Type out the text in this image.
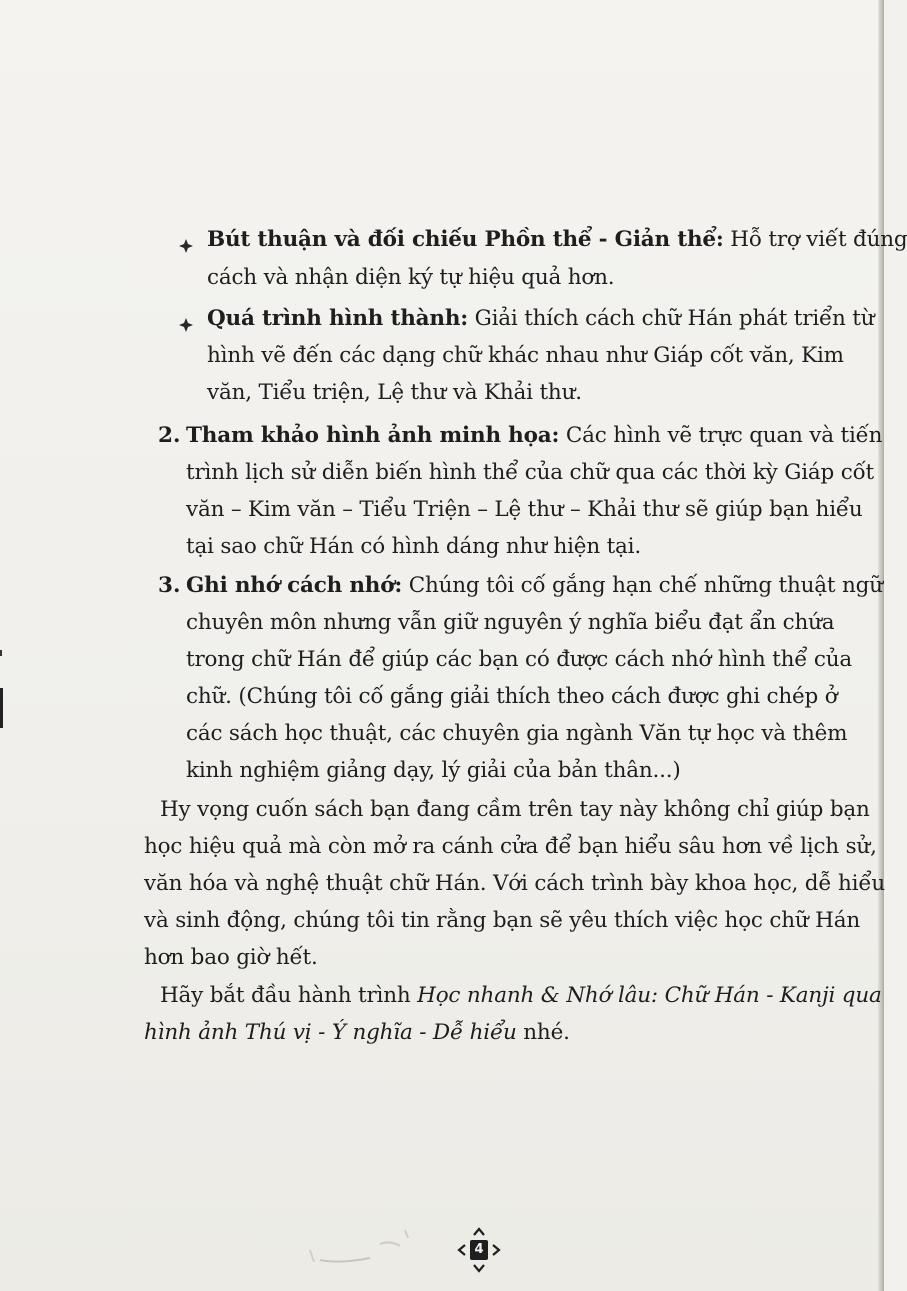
Bút thuận và đối chiếu Phồn thể - Giản thể: Hỗ trợ viết đúng
cách và nhận diện ký tự hiệu quả hơn.
Quá trình hình thành: Giải thích cách chữ Hán phát triển từ
hình vẽ đến các dạng chữ khác nhau như Giáp cốt văn, Kim
văn, Tiểu triện, Lệ thư và Khải thư.
2. Tham khảo hình ảnh minh họa: Các hình vẽ trực quan và tiến
trình lịch sử diễn biến hình thể của chữ qua các thời kỳ Giáp cốt
văn – Kim văn – Tiểu Triện – Lệ thư – Khải thư sẽ giúp bạn hiểu
tại sao chữ Hán có hình dáng như hiện tại.
3. Ghi nhớ cách nhớ: Chúng tôi cố gắng hạn chế những thuật ngữ
chuyên môn nhưng vẫn giữ nguyên ý nghĩa biểu đạt ẩn chứa
trong chữ Hán để giúp các bạn có được cách nhớ hình thể của
chữ. (Chúng tôi cố gắng giải thích theo cách được ghi chép ở
các sách học thuật, các chuyên gia ngành Văn tự học và thêm
kinh nghiệm giảng dạy, lý giải của bản thân...)
Hy vọng cuốn sách bạn đang cầm trên tay này không chỉ giúp bạn
học hiệu quả mà còn mở ra cánh cửa để bạn hiểu sâu hơn về lịch sử,
văn hóa và nghệ thuật chữ Hán. Với cách trình bày khoa học, dễ hiểu
và sinh động, chúng tôi tin rằng bạn sẽ yêu thích việc học chữ Hán
hơn bao giờ hết.
Hãy bắt đầu hành trình Học nhanh & Nhớ lâu: Chữ Hán - Kanji qua
hình ảnh Thú vị - Ý nghĩa - Dễ hiểu nhé.
4
